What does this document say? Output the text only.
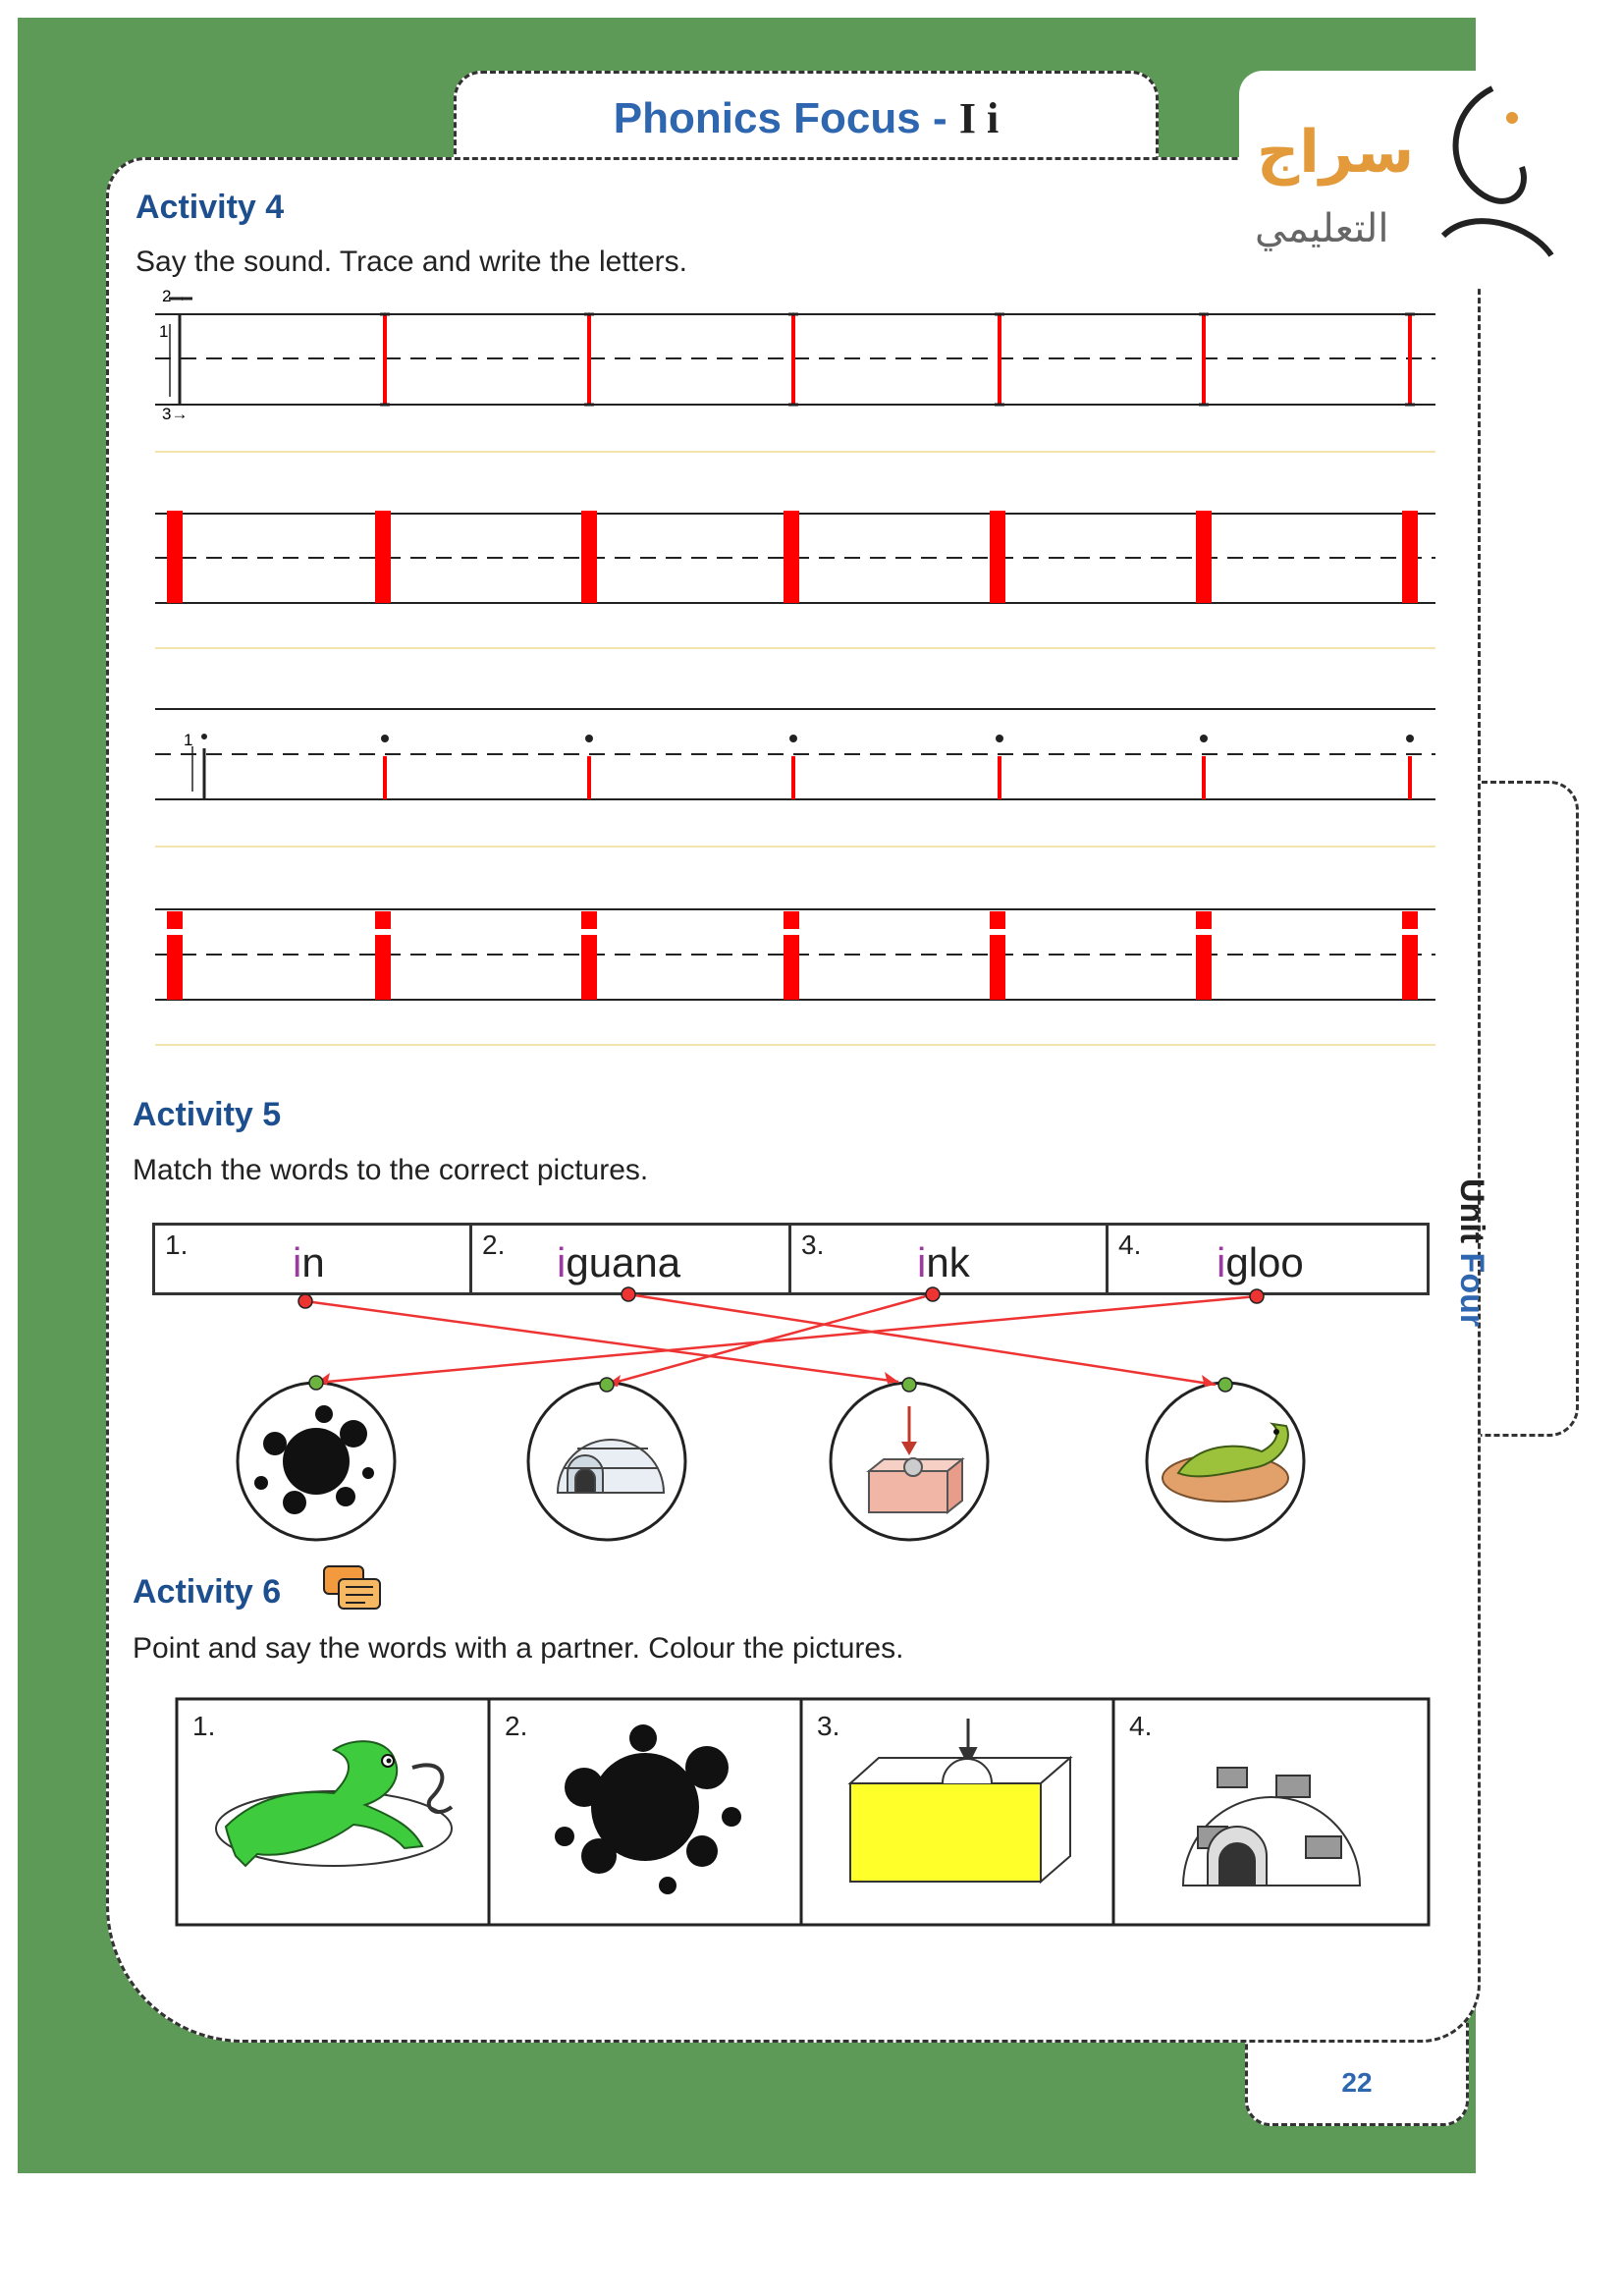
Phonics Focus - I i	سراج
التعليمي
Unit Four
22
Activity 4
Say the sound. Trace and write the letters.
2→
1
3→
1
Activity 5
Match the words to the correct pictures.
1.	in	2. iguana	3. ink	4. igloo
Activity 6
Point and say the words with a partner. Colour the pictures.
1.	2.	3.	4.
